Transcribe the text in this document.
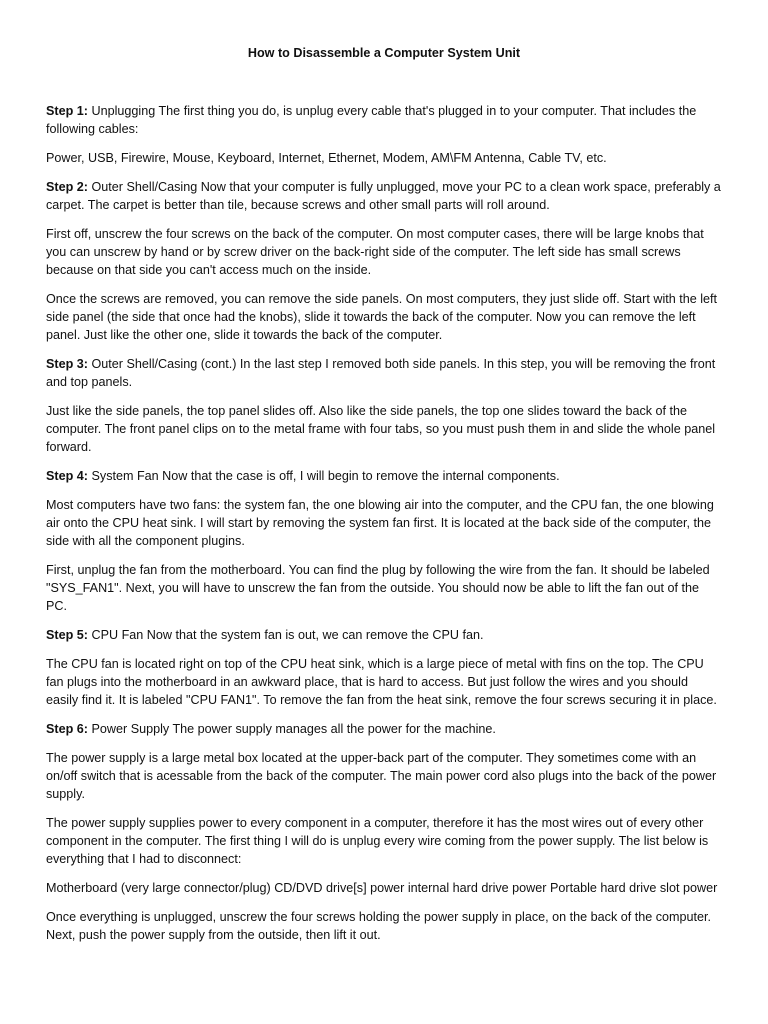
How to Disassemble a Computer System Unit
Step 1: Unplugging The first thing you do, is unplug every cable that's plugged in to your computer. That includes the following cables:
Power, USB, Firewire, Mouse, Keyboard, Internet, Ethernet, Modem, AM\FM Antenna, Cable TV, etc.
Step 2: Outer Shell/Casing Now that your computer is fully unplugged, move your PC to a clean work space, preferably a carpet. The carpet is better than tile, because screws and other small parts will roll around.
First off, unscrew the four screws on the back of the computer. On most computer cases, there will be large knobs that you can unscrew by hand or by screw driver on the back-right side of the computer. The left side has small screws because on that side you can't access much on the inside.
Once the screws are removed, you can remove the side panels. On most computers, they just slide off. Start with the left side panel (the side that once had the knobs), slide it towards the back of the computer. Now you can remove the left panel. Just like the other one, slide it towards the back of the computer.
Step 3: Outer Shell/Casing (cont.) In the last step I removed both side panels. In this step, you will be removing the front and top panels.
Just like the side panels, the top panel slides off. Also like the side panels, the top one slides toward the back of the computer. The front panel clips on to the metal frame with four tabs, so you must push them in and slide the whole panel forward.
Step 4: System Fan Now that the case is off, I will begin to remove the internal components.
Most computers have two fans: the system fan, the one blowing air into the computer, and the CPU fan, the one blowing air onto the CPU heat sink. I will start by removing the system fan first. It is located at the back side of the computer, the side with all the component plugins.
First, unplug the fan from the motherboard. You can find the plug by following the wire from the fan. It should be labeled "SYS_FAN1". Next, you will have to unscrew the fan from the outside. You should now be able to lift the fan out of the PC.
Step 5: CPU Fan Now that the system fan is out, we can remove the CPU fan.
The CPU fan is located right on top of the CPU heat sink, which is a large piece of metal with fins on the top. The CPU fan plugs into the motherboard in an awkward place, that is hard to access. But just follow the wires and you should easily find it. It is labeled "CPU FAN1". To remove the fan from the heat sink, remove the four screws securing it in place.
Step 6: Power Supply The power supply manages all the power for the machine.
The power supply is a large metal box located at the upper-back part of the computer. They sometimes come with an on/off switch that is acessable from the back of the computer. The main power cord also plugs into the back of the power supply.
The power supply supplies power to every component in a computer, therefore it has the most wires out of every other component in the computer. The first thing I will do is unplug every wire coming from the power supply. The list below is everything that I had to disconnect:
Motherboard (very large connector/plug) CD/DVD drive[s] power internal hard drive power Portable hard drive slot power
Once everything is unplugged, unscrew the four screws holding the power supply in place, on the back of the computer. Next, push the power supply from the outside, then lift it out.
